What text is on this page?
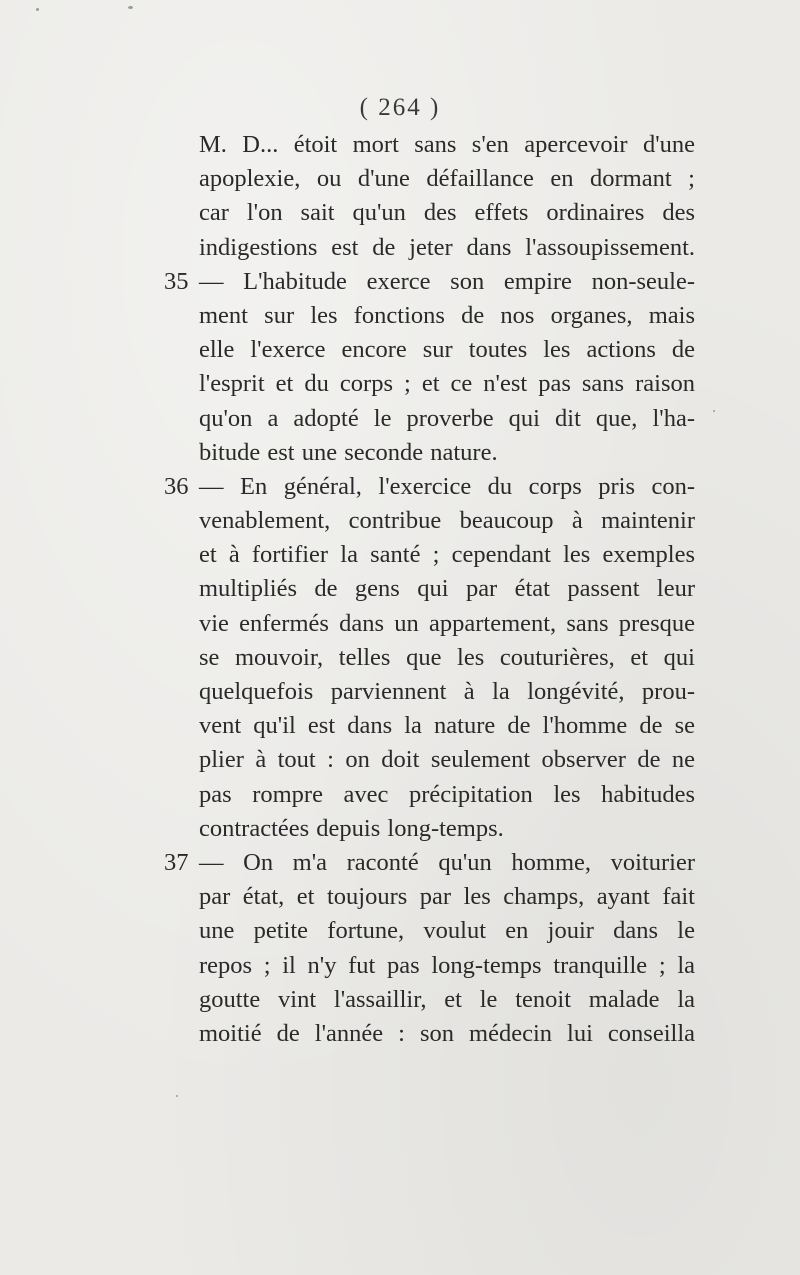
( 264 )
M. D... étoit mort sans s'en apercevoir d'une
apoplexie, ou d'une défaillance en dormant ;
car l'on sait qu'un des effets ordinaires des
indigestions est de jeter dans l'assoupissement.
35 — L'habitude exerce son empire non-seule-
ment sur les fonctions de nos organes, mais
elle l'exerce encore sur toutes les actions de
l'esprit et du corps ; et ce n'est pas sans raison
qu'on a adopté le proverbe qui dit que, l'ha-
bitude est une seconde nature.
36 — En général, l'exercice du corps pris con-
venablement, contribue beaucoup à maintenir
et à fortifier la santé ; cependant les exemples
multipliés de gens qui par état passent leur
vie enfermés dans un appartement, sans presque
se mouvoir, telles que les couturières, et qui
quelquefois parviennent à la longévité, prou-
vent qu'il est dans la nature de l'homme de se
plier à tout : on doit seulement observer de ne
pas rompre avec précipitation les habitudes
contractées depuis long-temps.
37 — On m'a raconté qu'un homme, voiturier
par état, et toujours par les champs, ayant fait
une petite fortune, voulut en jouir dans le
repos ; il n'y fut pas long-temps tranquille ; la
goutte vint l'assaillir, et le tenoit malade la
moitié de l'année : son médecin lui conseilla
